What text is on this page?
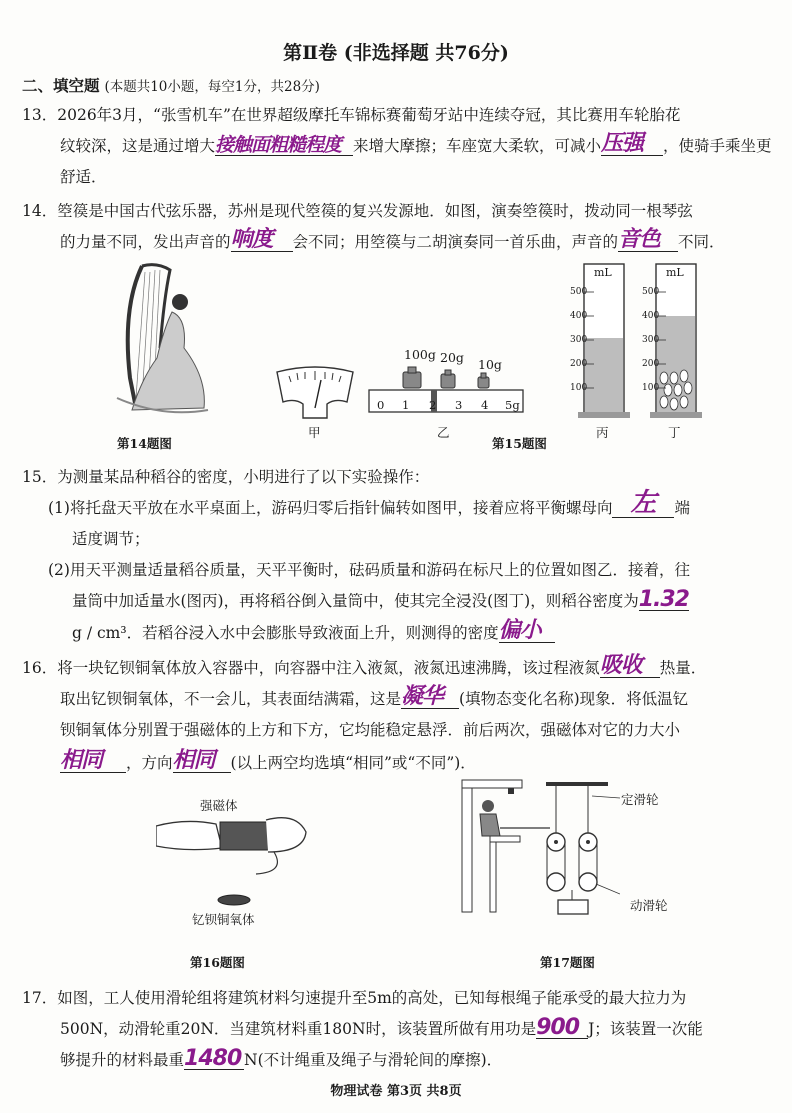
第Ⅱ卷 (非选择题 共76分)
二、填空题 (本题共10小题，每空1分，共28分)
13．2026年3月，“张雪机车”在世界超级摩托车锦标赛葡萄牙站中连续夺冠，其比赛用车轮胎花
纹较深，这是通过增大 接触面粗糙程度 来增大摩擦；车座宽大柔软，可减小 压强 ，使骑手乘坐更
舒适．
14．箜篌是中国古代弦乐器，苏州是现代箜篌的复兴发源地．如图，演奏箜篌时，拨动同一根琴弦
的力量不同，发出声音的 响度 会不同；用箜篌与二胡演奏同一首乐曲，声音的 音色 不同．
第14题图
甲
100g 20g 10g
0 1 2 3 4 5g
乙
第15题图
mL
500
400
300
200
100
丙
mL
500
400
300
200
100
丁
15．为测量某品种稻谷的密度，小明进行了以下实验操作：
(1)将托盘天平放在水平桌面上，游码归零后指针偏转如图甲，接着应将平衡螺母向 左 端
适度调节；
(2)用天平测量适量稻谷质量，天平平衡时，砝码质量和游码在标尺上的位置如图乙．接着，往
量筒中加适量水(图丙)，再将稻谷倒入量筒中，使其完全浸没(图丁)，则稻谷密度为 1.32
g / cm³．若稻谷浸入水中会膨胀导致液面上升，则测得的密度 偏小
16．将一块钇钡铜氧体放入容器中，向容器中注入液氮，液氮迅速沸腾，该过程液氮 吸收 热量．
取出钇钡铜氧体，不一会儿，其表面结满霜，这是 凝华 (填物态变化名称)现象．将低温钇
钡铜氧体分别置于强磁体的上方和下方，它均能稳定悬浮．前后两次，强磁体对它的力大小
相同 ，方向 相同 (以上两空均选填“相同”或“不同”)．
强磁体
钇钡铜氧体
第16题图
定滑轮
动滑轮
第17题图
17．如图，工人使用滑轮组将建筑材料匀速提升至5m的高处，已知每根绳子能承受的最大拉力为
500N，动滑轮重20N．当建筑材料重180N时，该装置所做有用功是 900 J；该装置一次能
够提升的材料最重 1480 N(不计绳重及绳子与滑轮间的摩擦)．
物理试卷 第3页 共8页
